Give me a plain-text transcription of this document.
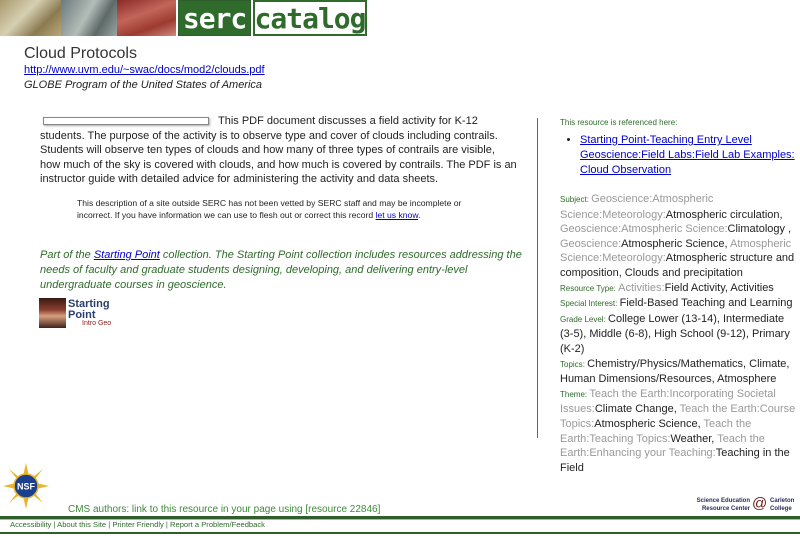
serc catalog
Cloud Protocols
http://www.uvm.edu/~swac/docs/mod2/clouds.pdf
GLOBE Program of the United States of America

This PDF document discusses a field activity for K-12 students. The purpose of the activity is to observe type and cover of clouds including contrails. Students will observe ten types of clouds and how many of three types of contrails are visible, how much of the sky is covered with clouds, and how much is covered by contrails. The PDF is an instructor guide with detailed advice for administering the activity and data sheets.

This description of a site outside SERC has not been vetted by SERC staff and may be incomplete or incorrect. If you have information we can use to flesh out or correct this record let us know.

Part of the Starting Point collection. The Starting Point collection includes resources addressing the needs of faculty and graduate students designing, developing, and delivering entry-level undergraduate courses in geoscience.

Starting
Point
Intro Geo
This resource is referenced here:
• Starting Point-Teaching Entry Level Geoscience:Field Labs:Field Lab Examples: Cloud Observation
Subject: Geoscience:Atmospheric Science:Meteorology:Atmospheric circulation, Geoscience:Atmospheric Science:Climatology , Geoscience:Atmospheric Science, Atmospheric Science:Meteorology:Atmospheric structure and composition, Clouds and precipitation
Resource Type: Activities:Field Activity, Activities
Special Interest: Field-Based Teaching and Learning
Grade Level: College Lower (13-14), Intermediate (3-5), Middle (6-8), High School (9-12), Primary (K-2)
Topics: Chemistry/Physics/Mathematics, Climate, Human Dimensions/Resources, Atmosphere
Theme: Teach the Earth:Incorporating Societal Issues:Climate Change, Teach the Earth:Course Topics:Atmospheric Science, Teach the Earth:Teaching Topics:Weather, Teach the Earth:Enhancing your Teaching:Teaching in the Field
NSF
CMS authors: link to this resource in your page using [resource 22846]
Science Education
Resource Center @ Carleton
College
Accessibility | About this Site | Printer Friendly | Report a Problem/Feedback
